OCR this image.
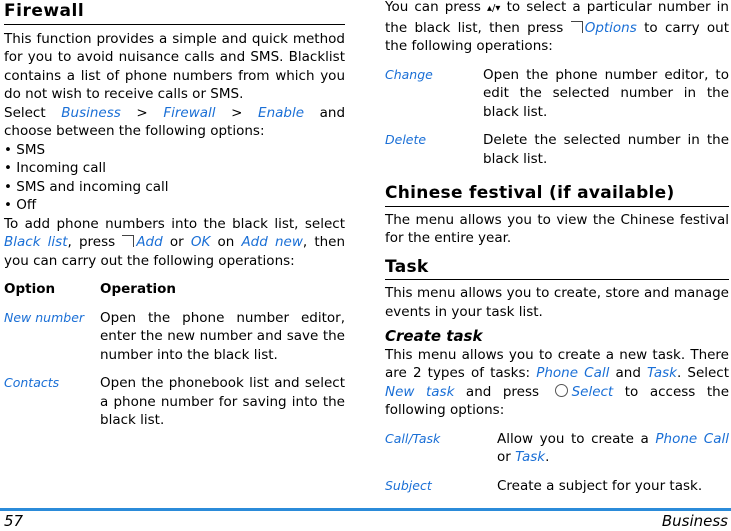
Firewall

This function provides a simple and quick method for you to avoid nuisance calls and SMS. Blacklist contains a list of phone numbers from which you do not wish to receive calls or SMS.

Select Business > Firewall > Enable and choose between the following options:

• SMS
• Incoming call
• SMS and incoming call
• Off

To add phone numbers into the black list, select Black list, press Add or OK on Add new, then you can carry out the following operations:

Option	Operation
New number	Open the phone number editor, enter the new number and save the number into the black list.
Contacts	Open the phonebook list and select a phone number for saving into the black list.

You can press ▴/▾ to select a particular number in the black list, then press Options to carry out the following operations:

Change	Open the phone number editor, to edit the selected number in the black list.
Delete	Delete the selected number in the black list.
Chinese festival (if available)

The menu allows you to view the Chinese festival for the entire year.

Task

This menu allows you to create, store and manage events in your task list.

Create task

This menu allows you to create a new task. There are 2 types of tasks: Phone Call and Task. Select New task and press Select to access the following options:

Call/Task	Allow you to create a Phone Call or Task.
Subject	Create a subject for your task.
57	Business
